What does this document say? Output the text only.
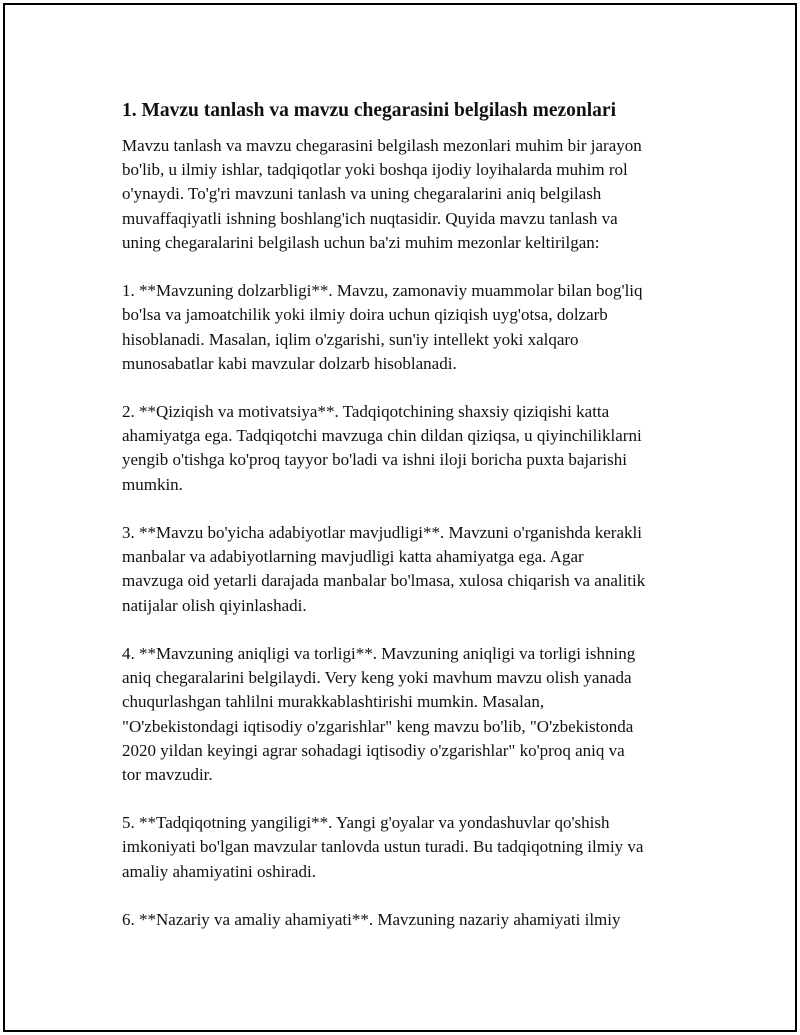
1. Mavzu tanlash va mavzu chegarasini belgilash mezonlari
Mavzu tanlash va mavzu chegarasini belgilash mezonlari muhim bir jarayon
bo'lib, u ilmiy ishlar, tadqiqotlar yoki boshqa ijodiy loyihalarda muhim rol
o'ynaydi. To'g'ri mavzuni tanlash va uning chegaralarini aniq belgilash
muvaffaqiyatli ishning boshlang'ich nuqtasidir. Quyida mavzu tanlash va
uning chegaralarini belgilash uchun ba'zi muhim mezonlar keltirilgan:
1. **Mavzuning dolzarbligi**. Mavzu, zamonaviy muammolar bilan bog'liq
bo'lsa va jamoatchilik yoki ilmiy doira uchun qiziqish uyg'otsa, dolzarb
hisoblanadi. Masalan, iqlim o'zgarishi, sun'iy intellekt yoki xalqaro
munosabatlar kabi mavzular dolzarb hisoblanadi.
2. **Qiziqish va motivatsiya**. Tadqiqotchining shaxsiy qiziqishi katta
ahamiyatga ega. Tadqiqotchi mavzuga chin dildan qiziqsa, u qiyinchiliklarni
yengib o'tishga ko'proq tayyor bo'ladi va ishni iloji boricha puxta bajarishi
mumkin.
3. **Mavzu bo'yicha adabiyotlar mavjudligi**. Mavzuni o'rganishda kerakli
manbalar va adabiyotlarning mavjudligi katta ahamiyatga ega. Agar
mavzuga oid yetarli darajada manbalar bo'lmasa, xulosa chiqarish va analitik
natijalar olish qiyinlashadi.
4. **Mavzuning aniqligi va torligi**. Mavzuning aniqligi va torligi ishning
aniq chegaralarini belgilaydi. Very keng yoki mavhum mavzu olish yanada
chuqurlashgan tahlilni murakkablashtirishi mumkin. Masalan,
"O'zbekistondagi iqtisodiy o'zgarishlar" keng mavzu bo'lib, "O'zbekistonda
2020 yildan keyingi agrar sohadagi iqtisodiy o'zgarishlar" ko'proq aniq va
tor mavzudir.
5. **Tadqiqotning yangiligi**. Yangi g'oyalar va yondashuvlar qo'shish
imkoniyati bo'lgan mavzular tanlovda ustun turadi. Bu tadqiqotning ilmiy va
amaliy ahamiyatini oshiradi.
6. **Nazariy va amaliy ahamiyati**. Mavzuning nazariy ahamiyati ilmiy
